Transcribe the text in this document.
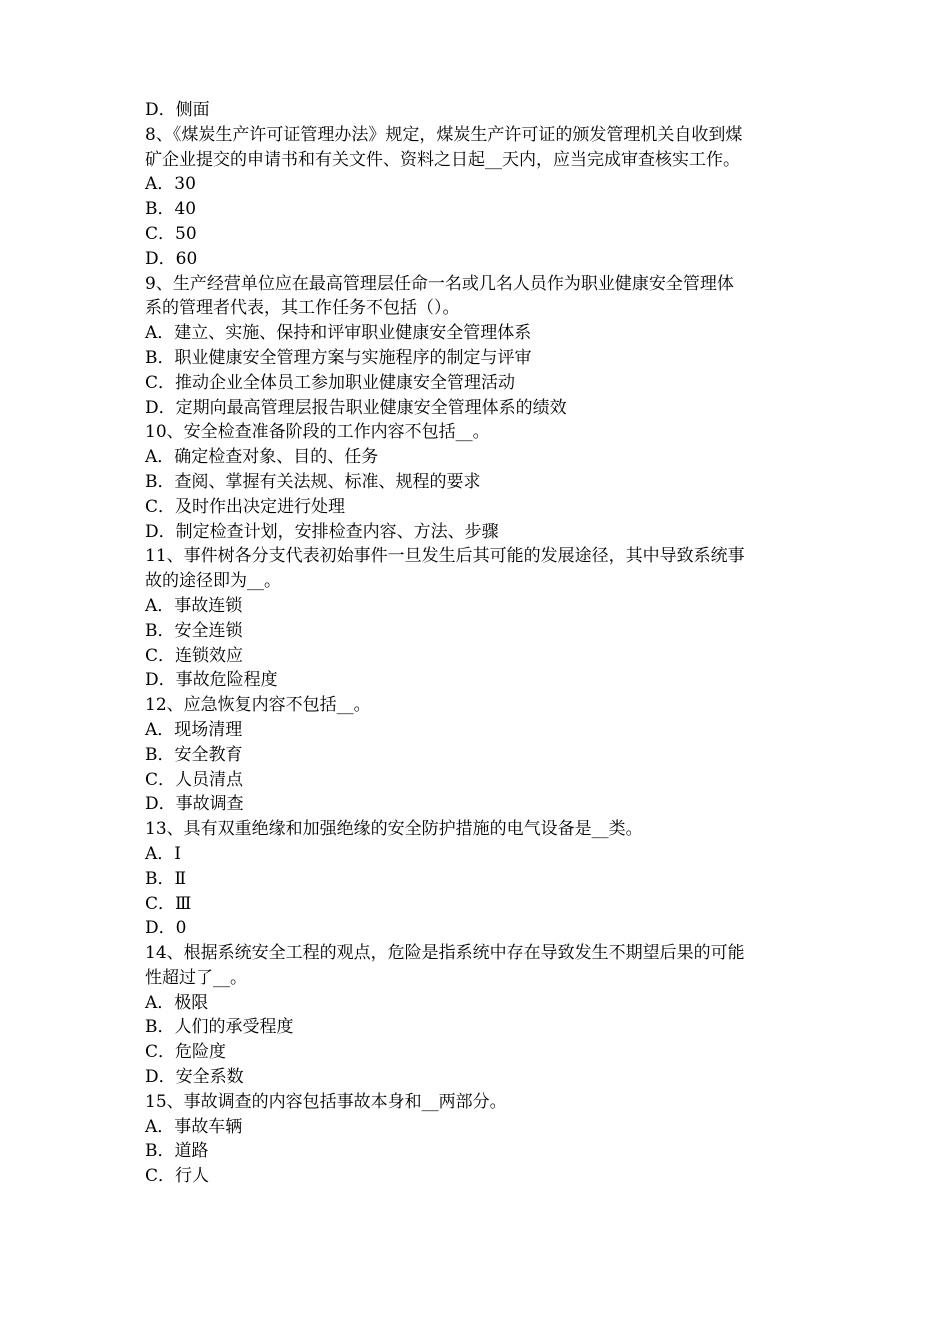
D．侧面
8、《煤炭生产许可证管理办法》规定，煤炭生产许可证的颁发管理机关自收到煤
矿企业提交的申请书和有关文件、资料之日起__天内，应当完成审查核实工作。
A．30
B．40
C．50
D．60
9、生产经营单位应在最高管理层任命一名或几名人员作为职业健康安全管理体
系的管理者代表，其工作任务不包括（）。
A．建立、实施、保持和评审职业健康安全管理体系
B．职业健康安全管理方案与实施程序的制定与评审
C．推动企业全体员工参加职业健康安全管理活动
D．定期向最高管理层报告职业健康安全管理体系的绩效
10、安全检查准备阶段的工作内容不包括__。
A．确定检查对象、目的、任务
B．查阅、掌握有关法规、标准、规程的要求
C．及时作出决定进行处理
D．制定检查计划，安排检查内容、方法、步骤
11、事件树各分支代表初始事件一旦发生后其可能的发展途径，其中导致系统事
故的途径即为__。
A．事故连锁
B．安全连锁
C．连锁效应
D．事故危险程度
12、应急恢复内容不包括__。
A．现场清理
B．安全教育
C．人员清点
D．事故调查
13、具有双重绝缘和加强绝缘的安全防护措施的电气设备是__类。
A．Ⅰ
B．Ⅱ
C．Ⅲ
D．0
14、根据系统安全工程的观点，危险是指系统中存在导致发生不期望后果的可能
性超过了__。
A．极限
B．人们的承受程度
C．危险度
D．安全系数
15、事故调查的内容包括事故本身和__两部分。
A．事故车辆
B．道路
C．行人
